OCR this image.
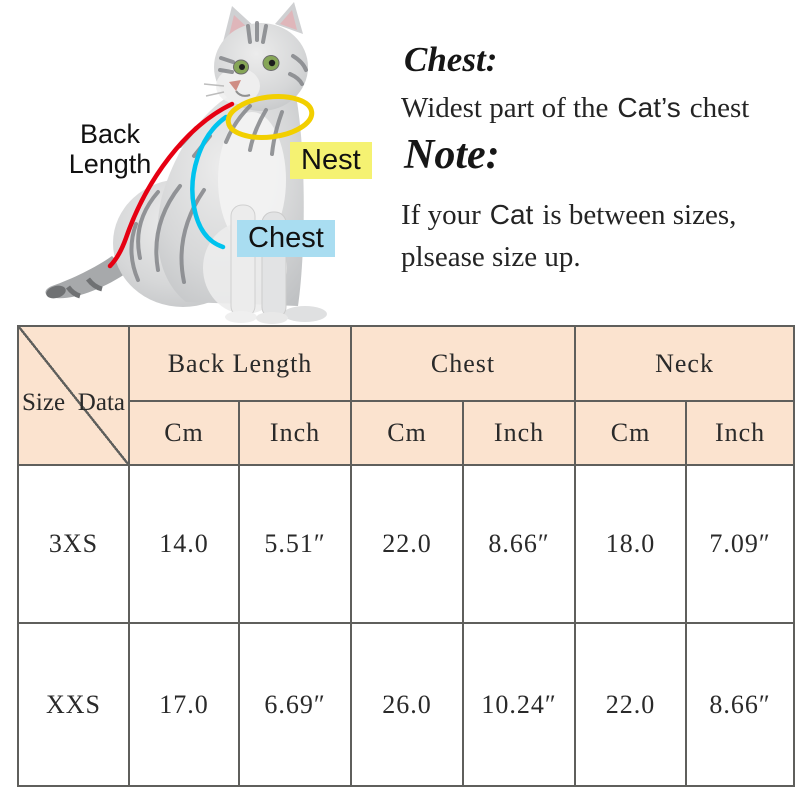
Back
Length	Nest
Chest
Chest:
Widest part of the Cat’s chest
Note:
If your Cat is between sizes,
plsease size up.
Size Data	Back Length		Chest		Neck	
	Cm	Inch	Cm	Inch	Cm	Inch
3XS	14.0	5.51″	22.0	8.66″	18.0	7.09″
XXS	17.0	6.69″	26.0	10.24″	22.0	8.66″
